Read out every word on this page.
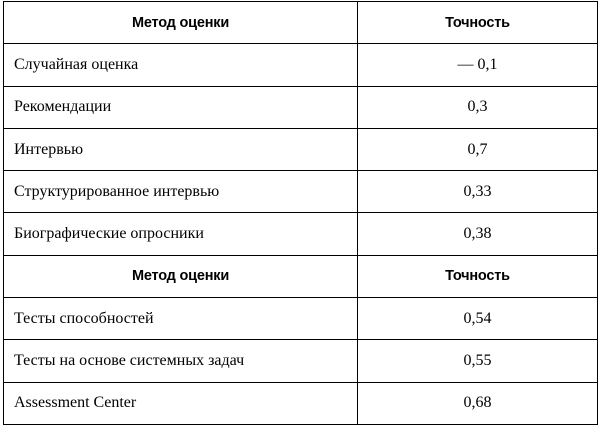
Метод оценки	Точность
Случайная оценка	— 0,1
Рекомендации	0,3
Интервью	0,7
Структурированное интервью	0,33
Биографические опросники	0,38
Метод оценки	Точность
Тесты способностей	0,54
Тесты на основе системных задач	0,55
Assessment Center	0,68
